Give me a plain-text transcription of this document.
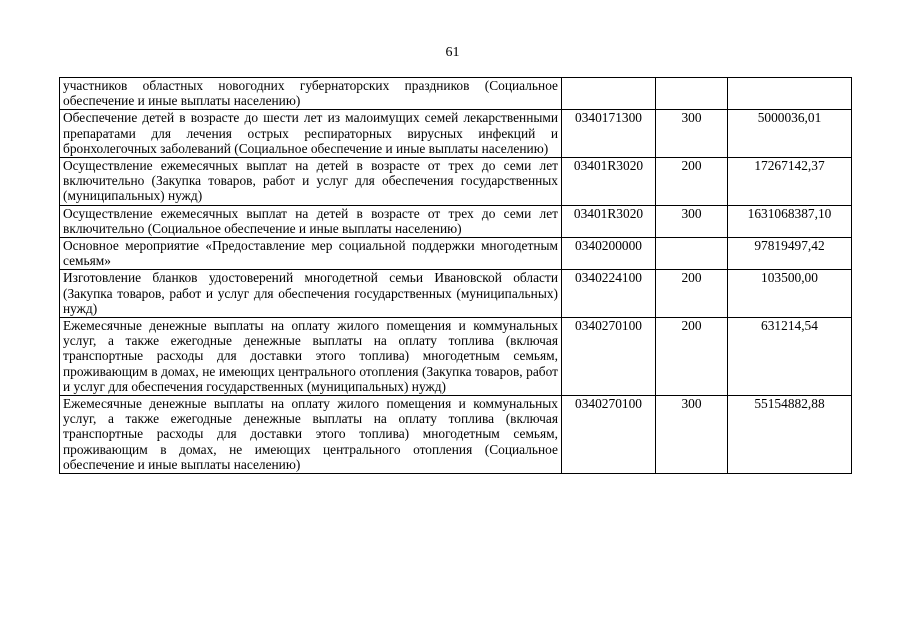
61
участников областных новогодних губернаторских праздников (Социальное обеспечение и иные выплаты населению)			
Обеспечение детей в возрасте до шести лет из малоимущих семей лекарственными препаратами для лечения острых респираторных вирусных инфекций и бронхолегочных заболеваний (Социальное обеспечение и иные выплаты населению)	0340171300	300	5000036,01
Осуществление ежемесячных выплат на детей в возрасте от трех до семи лет включительно (Закупка товаров, работ и услуг для обеспечения государственных (муниципальных) нужд)	03401R3020	200	17267142,37
Осуществление ежемесячных выплат на детей в возрасте от трех до семи лет включительно (Социальное обеспечение и иные выплаты населению)	03401R3020	300	1631068387,10
Основное мероприятие «Предоставление мер социальной поддержки многодетным семьям»	0340200000		97819497,42
Изготовление бланков удостоверений многодетной семьи Ивановской области (Закупка товаров, работ и услуг для обеспечения государственных (муниципальных) нужд)	0340224100	200	103500,00
Ежемесячные денежные выплаты на оплату жилого помещения и коммунальных услуг, а также ежегодные денежные выплаты на оплату топлива (включая транспортные расходы для доставки этого топлива) многодетным семьям, проживающим в домах, не имеющих центрального отопления (Закупка товаров, работ и услуг для обеспечения государственных (муниципальных) нужд)	0340270100	200	631214,54
Ежемесячные денежные выплаты на оплату жилого помещения и коммунальных услуг, а также ежегодные денежные выплаты на оплату топлива (включая транспортные расходы для доставки этого топлива) многодетным семьям, проживающим в домах, не имеющих центрального отопления (Социальное обеспечение и иные выплаты населению)	0340270100	300	55154882,88
